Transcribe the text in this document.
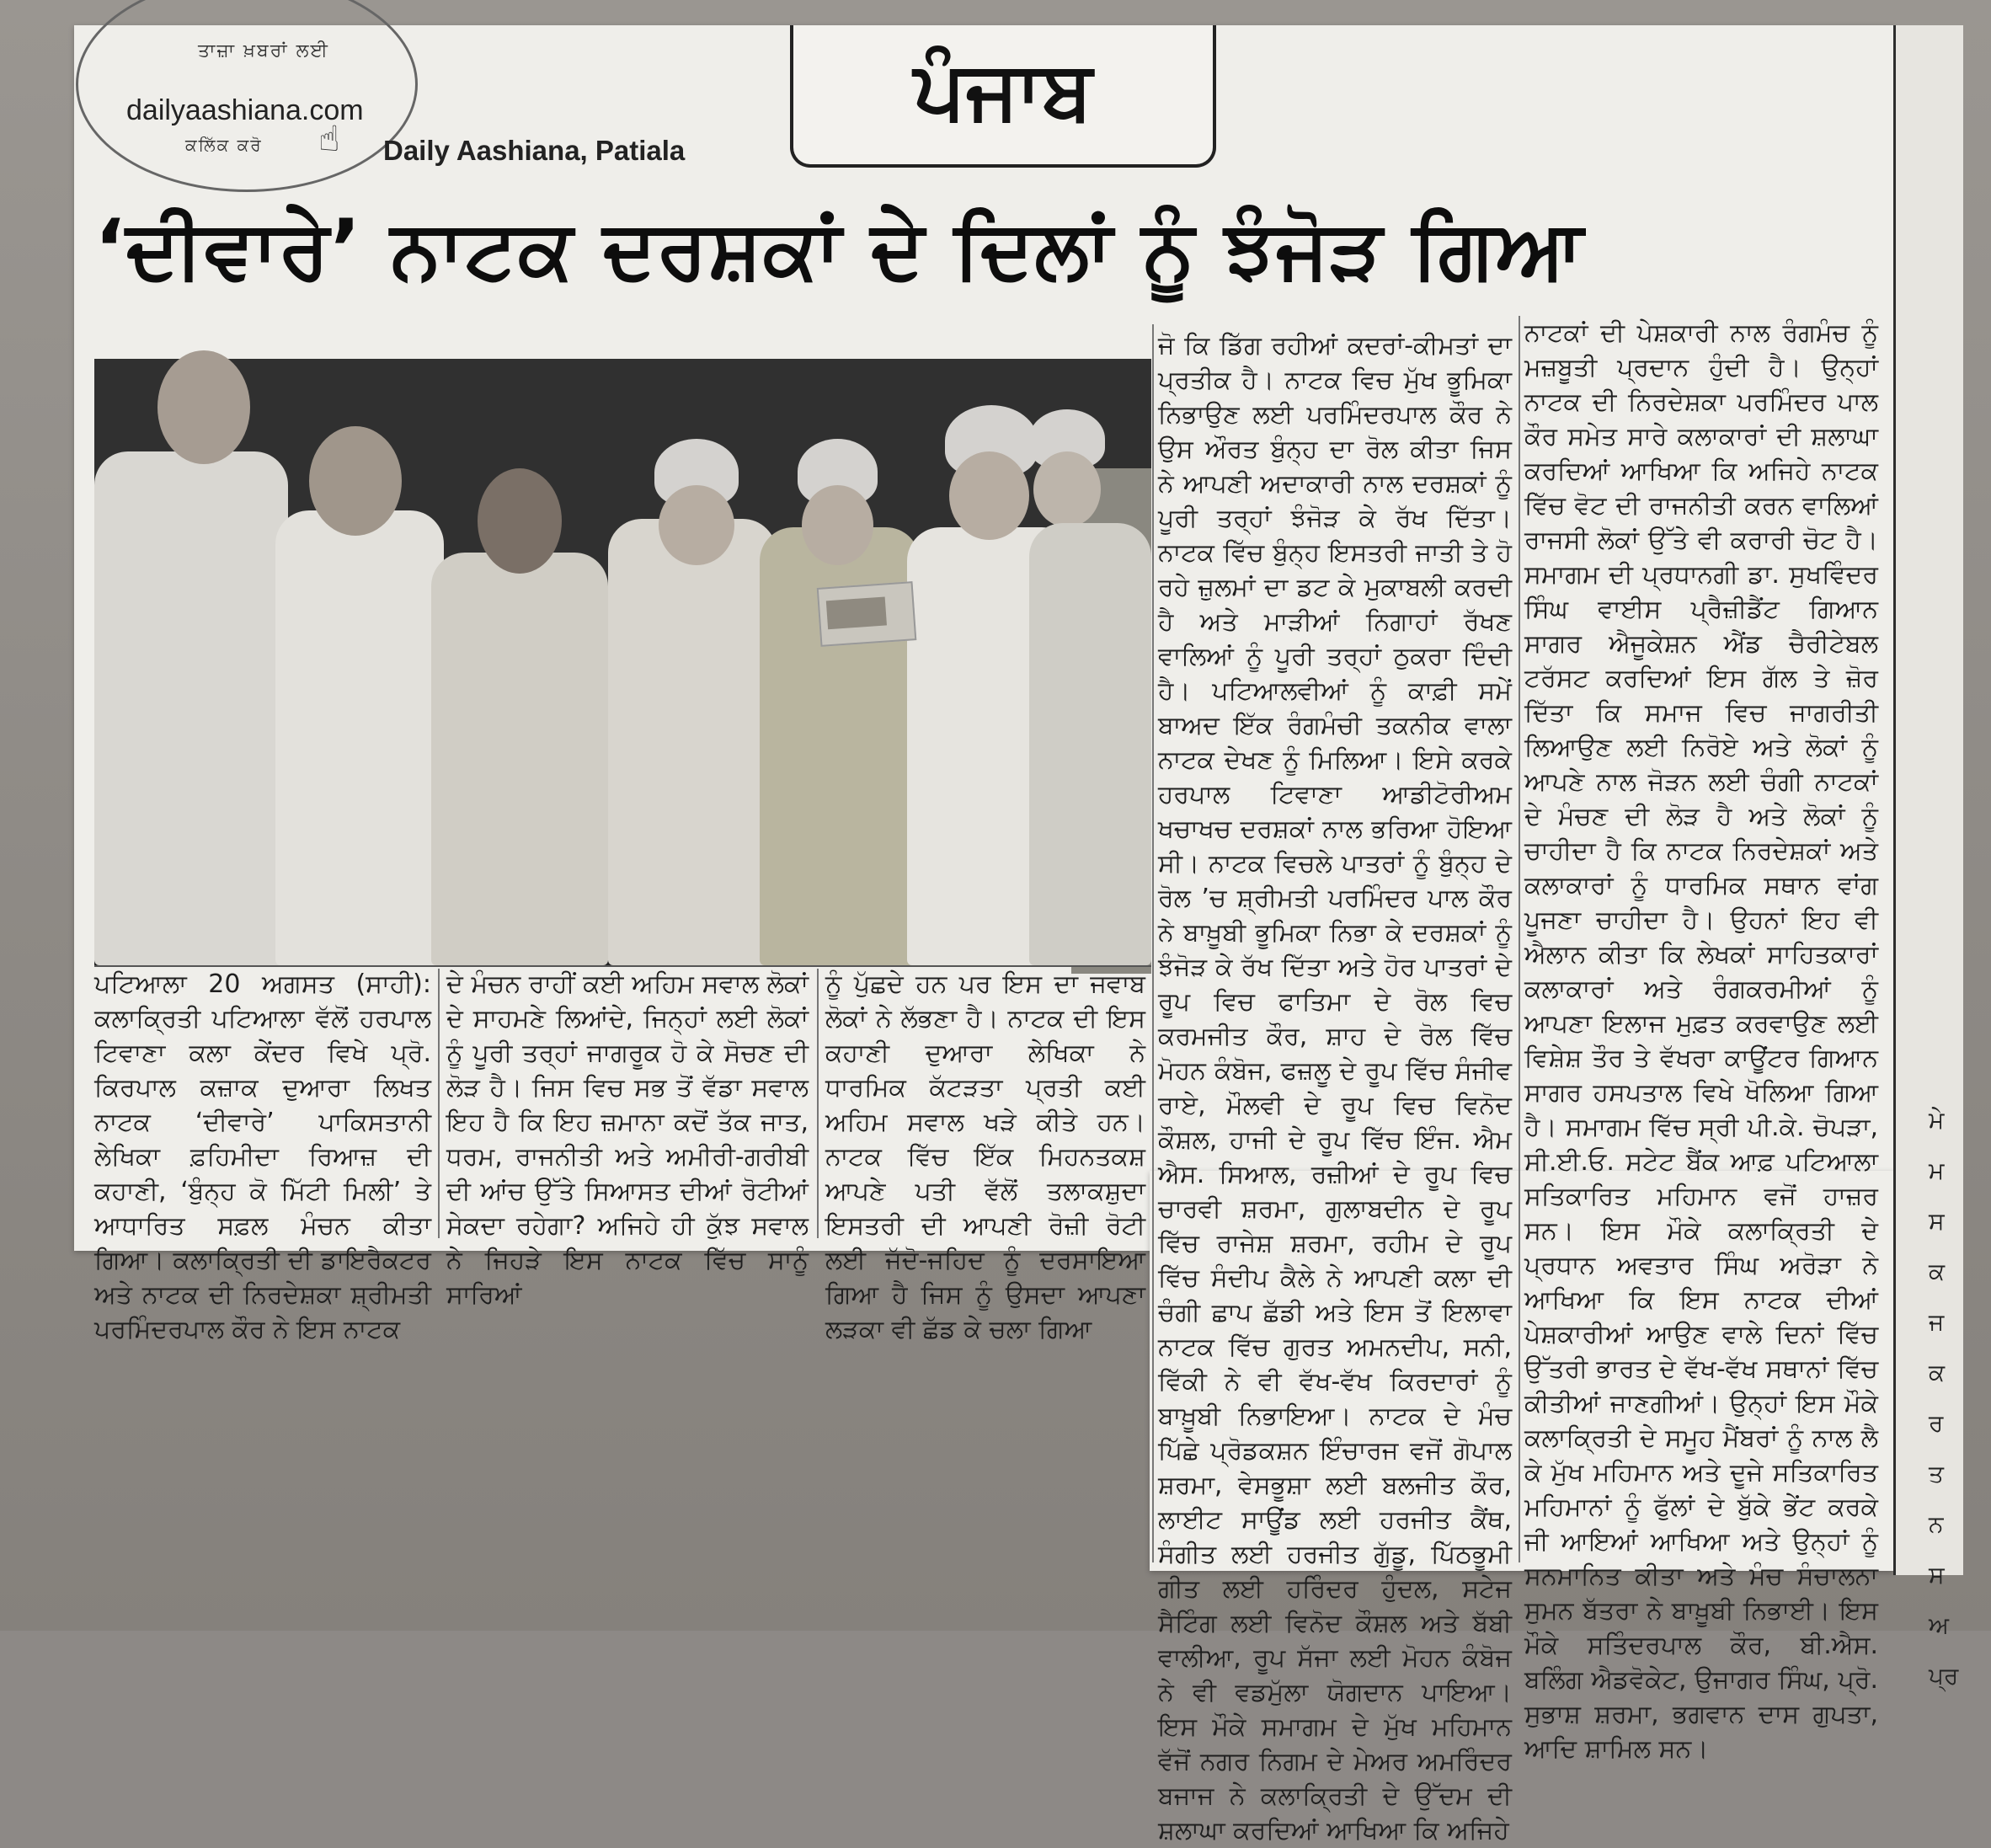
ਮੇ
ਮ
ਸ
ਕ
ਜ
ਕ
ਰ
ਤ
ਨ
ਸ
ਅ
ਪ੍ਰ
ਤਾਜ਼ਾ ਖ਼ਬਰਾਂ ਲਈ
dailyaashiana.com
ਕਲਿੱਕ ਕਰੋ ☝ Daily Aashiana, Patiala
ਪੰਜਾਬ
‘ਦੀਵਾਰੇ’ ਨਾਟਕ ਦਰਸ਼ਕਾਂ ਦੇ ਦਿਲਾਂ ਨੂੰ ਝੰਜੋੜ ਗਿਆ

ਪਟਿਆਲਾ 20 ਅਗਸਤ (ਸਾਹੀ): ਕਲਾਕ੍ਰਿਤੀ ਪਟਿਆਲਾ ਵੱਲੋਂ ਹਰਪਾਲ ਟਿਵਾਣਾ ਕਲਾ ਕੇਂਦਰ ਵਿਖੇ ਪ੍ਰੋ. ਕਿਰਪਾਲ ਕਜ਼ਾਕ ਦੁਆਰਾ ਲਿਖਤ ਨਾਟਕ ‘ਦੀਵਾਰੇ’ ਪਾਕਿਸਤਾਨੀ ਲੇਖਿਕਾ ਫ਼ਹਿਮੀਦਾ ਰਿਆਜ਼ ਦੀ ਕਹਾਣੀ, ‘ਬੁੰਨ੍ਹ ਕੋ ਮਿੱਟੀ ਮਿਲੀ’ ਤੇ ਆਧਾਰਿਤ ਸਫ਼ਲ ਮੰਚਨ ਕੀਤਾ ਗਿਆ। ਕਲਾਕ੍ਰਿਤੀ ਦੀ ਡਾਇਰੈਕਟਰ ਅਤੇ ਨਾਟਕ ਦੀ ਨਿਰਦੇਸ਼ਕਾ ਸ਼੍ਰੀਮਤੀ ਪਰਮਿੰਦਰਪਾਲ ਕੌਰ ਨੇ ਇਸ ਨਾਟਕ

ਦੇ ਮੰਚਨ ਰਾਹੀਂ ਕਈ ਅਹਿਮ ਸਵਾਲ ਲੋਕਾਂ ਦੇ ਸਾਹਮਣੇ ਲਿਆਂਦੇ, ਜਿਨ੍ਹਾਂ ਲਈ ਲੋਕਾਂ ਨੂੰ ਪੂਰੀ ਤਰ੍ਹਾਂ ਜਾਗਰੂਕ ਹੋ ਕੇ ਸੋਚਣ ਦੀ ਲੋੜ ਹੈ। ਜਿਸ ਵਿਚ ਸਭ ਤੋਂ ਵੱਡਾ ਸਵਾਲ ਇਹ ਹੈ ਕਿ ਇਹ ਜ਼ਮਾਨਾ ਕਦੋਂ ਤੱਕ ਜਾਤ, ਧਰਮ, ਰਾਜਨੀਤੀ ਅਤੇ ਅਮੀਰੀ-ਗਰੀਬੀ ਦੀ ਆਂਚ ਉੱਤੇ ਸਿਆਸਤ ਦੀਆਂ ਰੋਟੀਆਂ ਸੇਕਦਾ ਰਹੇਗਾ? ਅਜਿਹੇ ਹੀ ਕੁੱਝ ਸਵਾਲ ਨੇ ਜਿਹੜੇ ਇਸ ਨਾਟਕ ਵਿੱਚ ਸਾਨੂੰ ਸਾਰਿਆਂ

ਨੂੰ ਪੁੱਛਦੇ ਹਨ ਪਰ ਇਸ ਦਾ ਜਵਾਬ ਲੋਕਾਂ ਨੇ ਲੱਭਣਾ ਹੈ। ਨਾਟਕ ਦੀ ਇਸ ਕਹਾਣੀ ਦੁਆਰਾ ਲੇਖਿਕਾ ਨੇ ਧਾਰਮਿਕ ਕੱਟੜਤਾ ਪ੍ਰਤੀ ਕਈ ਅਹਿਮ ਸਵਾਲ ਖੜੇ ਕੀਤੇ ਹਨ। ਨਾਟਕ ਵਿੱਚ ਇੱਕ ਮਿਹਨਤਕਸ਼ ਆਪਣੇ ਪਤੀ ਵੱਲੋਂ ਤਲਾਕਸ਼ੁਦਾ ਇਸਤਰੀ ਦੀ ਆਪਣੀ ਰੋਜ਼ੀ ਰੋਟੀ ਲਈ ਜੱਦੋ-ਜਹਿਦ ਨੂੰ ਦਰਸਾਇਆ ਗਿਆ ਹੈ ਜਿਸ ਨੂੰ ਉਸਦਾ ਆਪਣਾ ਲੜਕਾ ਵੀ ਛੱਡ ਕੇ ਚਲਾ ਗਿਆ

ਜੋ ਕਿ ਡਿੱਗ ਰਹੀਆਂ ਕਦਰਾਂ-ਕੀਮਤਾਂ ਦਾ ਪ੍ਰਤੀਕ ਹੈ। ਨਾਟਕ ਵਿਚ ਮੁੱਖ ਭੂਮਿਕਾ ਨਿਭਾਉਣ ਲਈ ਪਰਮਿੰਦਰਪਾਲ ਕੌਰ ਨੇ ਉਸ ਔਰਤ ਬੁੰਨ੍ਹ ਦਾ ਰੋਲ ਕੀਤਾ ਜਿਸ ਨੇ ਆਪਣੀ ਅਦਾਕਾਰੀ ਨਾਲ ਦਰਸ਼ਕਾਂ ਨੂੰ ਪੂਰੀ ਤਰ੍ਹਾਂ ਝੰਜੋੜ ਕੇ ਰੱਖ ਦਿੱਤਾ। ਨਾਟਕ ਵਿੱਚ ਬੁੰਨ੍ਹ ਇਸਤਰੀ ਜਾਤੀ ਤੇ ਹੋ ਰਹੇ ਜ਼ੁਲਮਾਂ ਦਾ ਡਟ ਕੇ ਮੁਕਾਬਲੀ ਕਰਦੀ ਹੈ ਅਤੇ ਮਾੜੀਆਂ ਨਿਗਾਹਾਂ ਰੱਖਣ ਵਾਲਿਆਂ ਨੂੰ ਪੂਰੀ ਤਰ੍ਹਾਂ ਠੁਕਰਾ ਦਿੰਦੀ ਹੈ। ਪਟਿਆਲਵੀਆਂ ਨੂੰ ਕਾਫ਼ੀ ਸਮੇਂ ਬਾਅਦ ਇੱਕ ਰੰਗਮੰਚੀ ਤਕਨੀਕ ਵਾਲਾ ਨਾਟਕ ਦੇਖਣ ਨੂੰ ਮਿਲਿਆ। ਇਸੇ ਕਰਕੇ ਹਰਪਾਲ ਟਿਵਾਣਾ ਆਡੀਟੋਰੀਅਮ ਖਚਾਖਚ ਦਰਸ਼ਕਾਂ ਨਾਲ ਭਰਿਆ ਹੋਇਆ ਸੀ। ਨਾਟਕ ਵਿਚਲੇ ਪਾਤਰਾਂ ਨੂੰ ਬੁੰਨ੍ਹ ਦੇ ਰੋਲ ’ਚ ਸ਼੍ਰੀਮਤੀ ਪਰਮਿੰਦਰ ਪਾਲ ਕੌਰ ਨੇ ਬਾਖ਼ੂਬੀ ਭੂਮਿਕਾ ਨਿਭਾ ਕੇ ਦਰਸ਼ਕਾਂ ਨੂੰ ਝੰਜੋੜ ਕੇ ਰੱਖ ਦਿੱਤਾ ਅਤੇ ਹੋਰ ਪਾਤਰਾਂ ਦੇ ਰੂਪ ਵਿਚ ਫਾਤਿਮਾ ਦੇ ਰੋਲ ਵਿਚ ਕਰਮਜੀਤ ਕੌਰ, ਸ਼ਾਹ ਦੇ ਰੋਲ ਵਿੱਚ ਮੋਹਨ ਕੰਬੋਜ, ਫਜ਼ਲੂ ਦੇ ਰੂਪ ਵਿੱਚ ਸੰਜੀਵ ਰਾਏ, ਮੌਲਵੀ ਦੇ ਰੂਪ ਵਿਚ ਵਿਨੋਦ ਕੌਸ਼ਲ, ਹਾਜੀ ਦੇ ਰੂਪ ਵਿੱਚ ਇੰਜ. ਐਮ ਐਸ. ਸਿਆਲ, ਰਜ਼ੀਆਂ ਦੇ ਰੂਪ ਵਿਚ ਚਾਰਵੀ ਸ਼ਰਮਾ, ਗੁਲਾਬਦੀਨ ਦੇ ਰੂਪ ਵਿੱਚ ਰਾਜੇਸ਼ ਸ਼ਰਮਾ, ਰਹੀਮ ਦੇ ਰੂਪ ਵਿੱਚ ਸੰਦੀਪ ਕੈਲੇ ਨੇ ਆਪਣੀ ਕਲਾ ਦੀ ਚੰਗੀ ਛਾਪ ਛੱਡੀ ਅਤੇ ਇਸ ਤੋਂ ਇਲਾਵਾ ਨਾਟਕ ਵਿੱਚ ਗੁਰਤ ਅਮਨਦੀਪ, ਸਨੀ, ਵਿੱਕੀ ਨੇ ਵੀ ਵੱਖ-ਵੱਖ ਕਿਰਦਾਰਾਂ ਨੂੰ ਬਾਖ਼ੂਬੀ ਨਿਭਾਇਆ। ਨਾਟਕ ਦੇ ਮੰਚ ਪਿੱਛੇ ਪ੍ਰੋਡਕਸ਼ਨ ਇੰਚਾਰਜ ਵਜੋਂ ਗੋਪਾਲ ਸ਼ਰਮਾ, ਵੇਸਭੂਸ਼ਾ ਲਈ ਬਲਜੀਤ ਕੌਰ, ਲਾਈਟ ਸਾਊਂਡ ਲਈ ਹਰਜੀਤ ਕੈਂਥ, ਸੰਗੀਤ ਲਈ ਹਰਜੀਤ ਗੁੱਡੂ, ਪਿੱਠਭੂਮੀ ਗੀਤ ਲਈ ਹਰਿੰਦਰ ਹੁੰਦਲ, ਸਟੇਜ ਸੈਟਿੰਗ ਲਈ ਵਿਨੋਦ ਕੌਸ਼ਲ ਅਤੇ ਬੱਬੀ ਵਾਲੀਆ, ਰੂਪ ਸੱਜਾ ਲਈ ਮੋਹਨ ਕੰਬੋਜ ਨੇ ਵੀ ਵਡਮੁੱਲਾ ਯੋਗਦਾਨ ਪਾਇਆ। ਇਸ ਮੌਕੇ ਸਮਾਗਮ ਦੇ ਮੁੱਖ ਮਹਿਮਾਨ ਵੱਜੋਂ ਨਗਰ ਨਿਗਮ ਦੇ ਮੇਅਰ ਅਮਰਿੰਦਰ ਬਜਾਜ ਨੇ ਕਲਾਕ੍ਰਿਤੀ ਦੇ ਉੱਦਮ ਦੀ ਸ਼ਲਾਘਾ ਕਰਦਿਆਂ ਆਖਿਆ ਕਿ ਅਜਿਹੇ

ਨਾਟਕਾਂ ਦੀ ਪੇਸ਼ਕਾਰੀ ਨਾਲ ਰੰਗਮੰਚ ਨੂੰ ਮਜ਼ਬੂਤੀ ਪ੍ਰਦਾਨ ਹੁੰਦੀ ਹੈ। ਉਨ੍ਹਾਂ ਨਾਟਕ ਦੀ ਨਿਰਦੇਸ਼ਕਾ ਪਰਮਿੰਦਰ ਪਾਲ ਕੌਰ ਸਮੇਤ ਸਾਰੇ ਕਲਾਕਾਰਾਂ ਦੀ ਸ਼ਲਾਘਾ ਕਰਦਿਆਂ ਆਖਿਆ ਕਿ ਅਜਿਹੇ ਨਾਟਕ ਵਿੱਚ ਵੋਟ ਦੀ ਰਾਜਨੀਤੀ ਕਰਨ ਵਾਲਿਆਂ ਰਾਜਸੀ ਲੋਕਾਂ ਉੱਤੇ ਵੀ ਕਰਾਰੀ ਚੋਟ ਹੈ। ਸਮਾਗਮ ਦੀ ਪ੍ਰਧਾਨਗੀ ਡਾ. ਸੁਖਵਿੰਦਰ ਸਿੰਘ ਵਾਈਸ ਪ੍ਰੈਜ਼ੀਡੈਂਟ ਗਿਆਨ ਸਾਗਰ ਐਜੂਕੇਸ਼ਨ ਐਂਡ ਚੈਰੀਟੇਬਲ ਟਰੱਸਟ ਕਰਦਿਆਂ ਇਸ ਗੱਲ ਤੇ ਜ਼ੋਰ ਦਿੱਤਾ ਕਿ ਸਮਾਜ ਵਿਚ ਜਾਗਰੀਤੀ ਲਿਆਉਣ ਲਈ ਨਿਰੋਏ ਅਤੇ ਲੋਕਾਂ ਨੂੰ ਆਪਣੇ ਨਾਲ ਜੋੜਨ ਲਈ ਚੰਗੀ ਨਾਟਕਾਂ ਦੇ ਮੰਚਣ ਦੀ ਲੋੜ ਹੈ ਅਤੇ ਲੋਕਾਂ ਨੂੰ ਚਾਹੀਦਾ ਹੈ ਕਿ ਨਾਟਕ ਨਿਰਦੇਸ਼ਕਾਂ ਅਤੇ ਕਲਾਕਾਰਾਂ ਨੂੰ ਧਾਰਮਿਕ ਸਥਾਨ ਵਾਂਗ ਪੂਜਣਾ ਚਾਹੀਦਾ ਹੈ। ਉਹਨਾਂ ਇਹ ਵੀ ਐਲਾਨ ਕੀਤਾ ਕਿ ਲੇਖਕਾਂ ਸਾਹਿਤਕਾਰਾਂ ਕਲਾਕਾਰਾਂ ਅਤੇ ਰੰਗਕਰਮੀਆਂ ਨੂੰ ਆਪਣਾ ਇਲਾਜ ਮੁਫ਼ਤ ਕਰਵਾਉਣ ਲਈ ਵਿਸ਼ੇਸ਼ ਤੌਰ ਤੇ ਵੱਖਰਾ ਕਾਊਂਟਰ ਗਿਆਨ ਸਾਗਰ ਹਸਪਤਾਲ ਵਿਖੇ ਖੋਲਿਆ ਗਿਆ ਹੈ। ਸਮਾਗਮ ਵਿੱਚ ਸ੍ਰੀ ਪੀ.ਕੇ. ਚੋਪੜਾ, ਸੀ.ਈ.ਓ. ਸਟੇਟ ਬੈਂਕ ਆਫ਼ ਪਟਿਆਲਾ ਸਤਿਕਾਰਿਤ ਮਹਿਮਾਨ ਵਜੋਂ ਹਾਜ਼ਰ ਸਨ। ਇਸ ਮੌਕੇ ਕਲਾਕ੍ਰਿਤੀ ਦੇ ਪ੍ਰਧਾਨ ਅਵਤਾਰ ਸਿੰਘ ਅਰੋੜਾ ਨੇ ਆਖਿਆ ਕਿ ਇਸ ਨਾਟਕ ਦੀਆਂ ਪੇਸ਼ਕਾਰੀਆਂ ਆਉਣ ਵਾਲੇ ਦਿਨਾਂ ਵਿੱਚ ਉੱਤਰੀ ਭਾਰਤ ਦੇ ਵੱਖ-ਵੱਖ ਸਥਾਨਾਂ ਵਿੱਚ ਕੀਤੀਆਂ ਜਾਣਗੀਆਂ। ਉਨ੍ਹਾਂ ਇਸ ਮੌਕੇ ਕਲਾਕ੍ਰਿਤੀ ਦੇ ਸਮੂਹ ਮੈਂਬਰਾਂ ਨੂੰ ਨਾਲ ਲੈ ਕੇ ਮੁੱਖ ਮਹਿਮਾਨ ਅਤੇ ਦੂਜੇ ਸਤਿਕਾਰਿਤ ਮਹਿਮਾਨਾਂ ਨੂੰ ਫੁੱਲਾਂ ਦੇ ਬੁੱਕੇ ਭੇਂਟ ਕਰਕੇ ਜੀ ਆਇਆਂ ਆਖਿਆ ਅਤੇ ਉਨ੍ਹਾਂ ਨੂੰ ਸਨਮਾਨਿਤ ਕੀਤਾ ਅਤੇ ਮੰਚ ਸੰਚਾਲਨਾ ਸੁਮਨ ਬੱਤਰਾ ਨੇ ਬਾਖ਼ੂਬੀ ਨਿਭਾਈ। ਇਸ ਮੌਕੇ ਸਤਿੰਦਰਪਾਲ ਕੌਰ, ਬੀ.ਐਸ. ਬਲਿੰਗ ਐਡਵੋਕੇਟ, ਉਜਾਗਰ ਸਿੰਘ, ਪ੍ਰੋ. ਸੁਭਾਸ਼ ਸ਼ਰਮਾ, ਭਗਵਾਨ ਦਾਸ ਗੁਪਤਾ, ਆਦਿ ਸ਼ਾਮਿਲ ਸਨ।
